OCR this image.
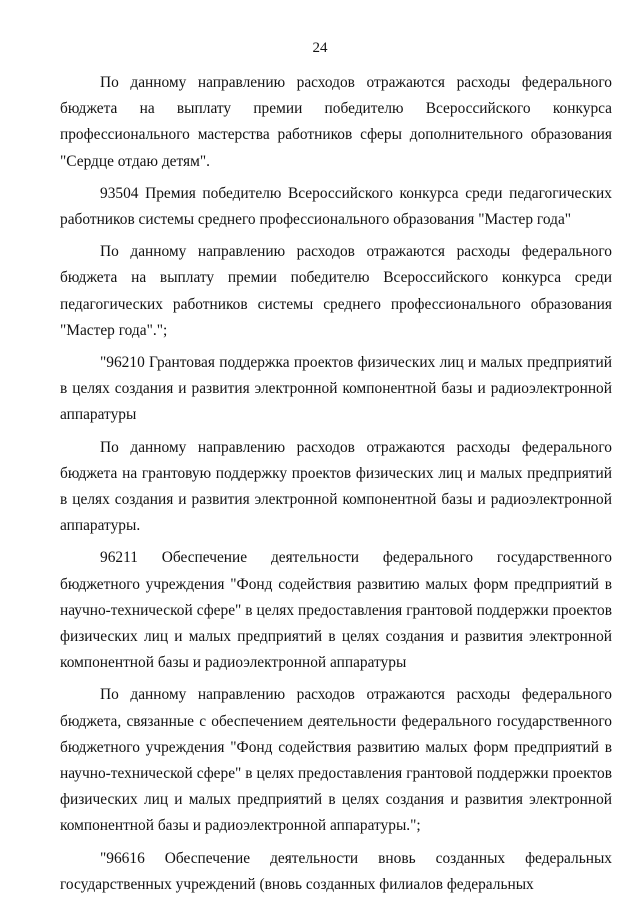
24

По данному направлению расходов отражаются расходы федерального бюджета на выплату премии победителю Всероссийского конкурса профессионального мастерства работников сферы дополнительного образования "Сердце отдаю детям".

93504 Премия победителю Всероссийского конкурса среди педагогических работников системы среднего профессионального образования "Мастер года"

По данному направлению расходов отражаются расходы федерального бюджета на выплату премии победителю Всероссийского конкурса среди педагогических работников системы среднего профессионального образования "Мастер года".";

"96210 Грантовая поддержка проектов физических лиц и малых предприятий в целях создания и развития электронной компонентной базы и радиоэлектронной аппаратуры

По данному направлению расходов отражаются расходы федерального бюджета на грантовую поддержку проектов физических лиц и малых предприятий в целях создания и развития электронной компонентной базы и радиоэлектронной аппаратуры.

96211 Обеспечение деятельности федерального государственного бюджетного учреждения "Фонд содействия развитию малых форм предприятий в научно-технической сфере" в целях предоставления грантовой поддержки проектов физических лиц и малых предприятий в целях создания и развития электронной компонентной базы и радиоэлектронной аппаратуры

По данному направлению расходов отражаются расходы федерального бюджета, связанные с обеспечением деятельности федерального государственного бюджетного учреждения "Фонд содействия развитию малых форм предприятий в научно-технической сфере" в целях предоставления грантовой поддержки проектов физических лиц и малых предприятий в целях создания и развития электронной компонентной базы и радиоэлектронной аппаратуры.";

"96616 Обеспечение деятельности вновь созданных федеральных государственных учреждений (вновь созданных филиалов федеральных
